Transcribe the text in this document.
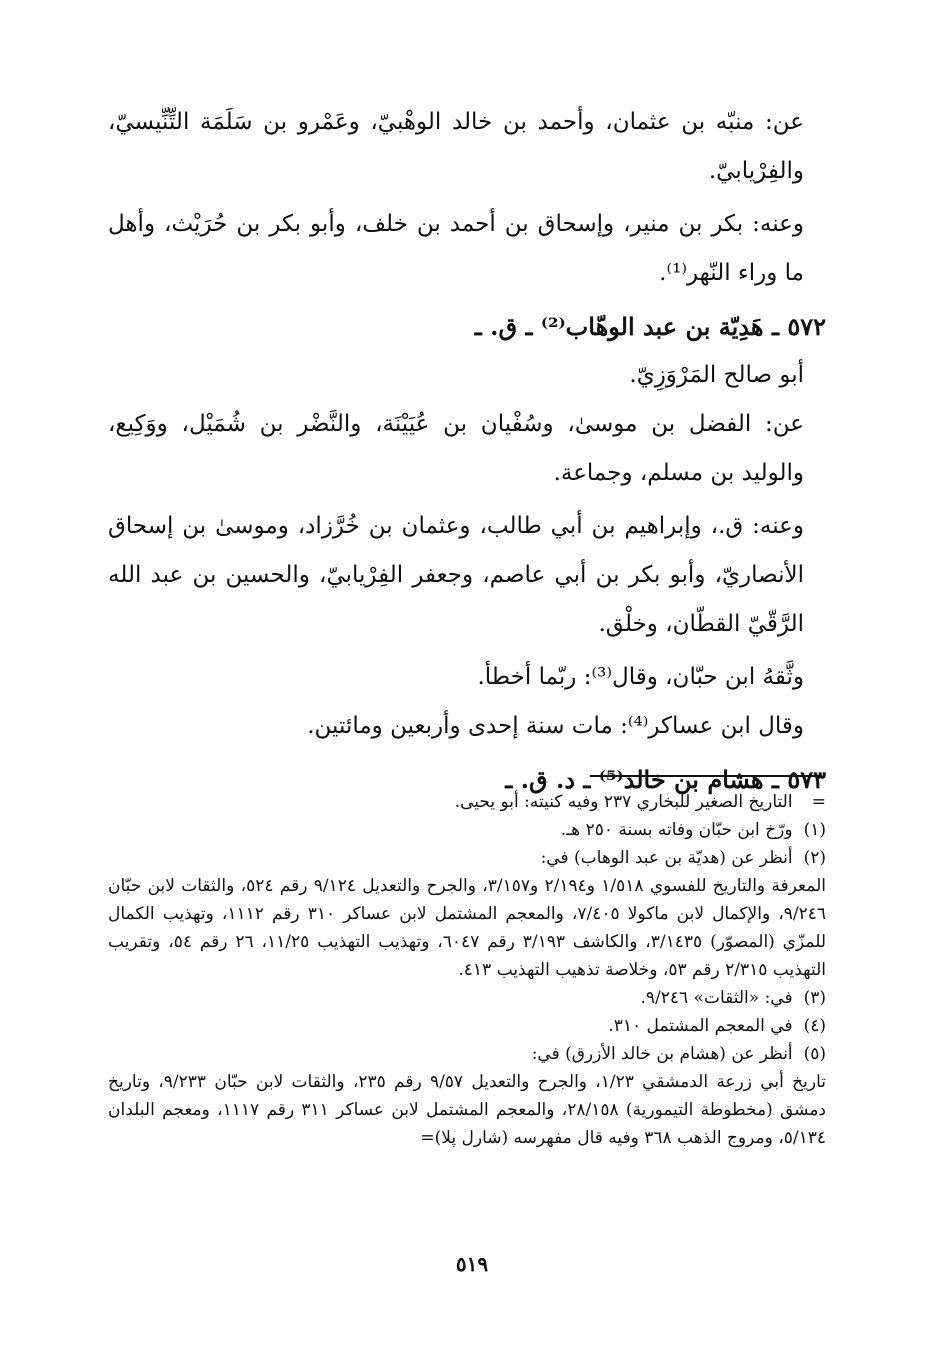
عن: منبّه بن عثمان، وأحمد بن خالد الوهْبيّ، وعَمْرو بن سَلَمَة التِّنِّيسيّ، والفِرْيابيّ.

وعنه: بكر بن منير، وإسحاق بن أحمد بن خلف، وأبو بكر بن حُرَيْث، وأهل ما وراء النّهر⁽¹⁾.

٥٧٢ ـ هَدِيّة بن عبد الوهّاب⁽²⁾ ـ ق. ـ

أبو صالح المَرْوَزِيّ.

عن: الفضل بن موسىٰ، وسُفْيان بن عُيَيْنَة، والنَّضْر بن شُمَيْل، ووَكِيع، والوليد بن مسلم، وجماعة.

وعنه: ق.، وإبراهيم بن أبي طالب، وعثمان بن خُرَّزاد، وموسىٰ بن إسحاق الأنصاريّ، وأبو بكر بن أبي عاصم، وجعفر الفِرْيابيّ، والحسين بن عبد الله الرَّقّيّ القطّان، وخلْق.

وثَّقهُ ابن حبّان، وقال⁽³⁾: ربّما أخطأ.

وقال ابن عساكر⁽⁴⁾: مات سنة إحدى وأربعين ومائتين.

٥٧٣ ـ هشام بن خالد⁽⁵⁾ ـ د. ق. ـ

= التاريخ الصغير للبخاري ٢٣٧ وفيه كنيته: أبو يحيى.

(١) ورّخ ابن حبّان وفاته بسنة ٢٥٠ هـ.

(٢) أنظر عن (هديّة بن عبد الوهاب) في:

المعرفة والتاريخ للفسوي ١/٥١٨ و٢/١٩٤ و٣/١٥٧، والجرح والتعديل ٩/١٢٤ رقم ٥٢٤، والثقات لابن حبّان ٩/٢٤٦، والإكمال لابن ماكولا ٧/٤٠٥، والمعجم المشتمل لابن عساكر ٣١٠ رقم ١١١٢، وتهذيب الكمال للمزّي (المصوّر) ٣/١٤٣٥، والكاشف ٣/١٩٣ رقم ٦٠٤٧، وتهذيب التهذيب ١١/٢٥، ٢٦ رقم ٥٤، وتقريب التهذيب ٢/٣١٥ رقم ٥٣، وخلاصة تذهيب التهذيب ٤١٣.

(٣) في: «الثقات» ٩/٢٤٦.

(٤) في المعجم المشتمل ٣١٠.

(٥) أنظر عن (هشام بن خالد الأزرق) في:

تاريخ أبي زرعة الدمشقي ١/٢٣، والجرح والتعديل ٩/٥٧ رقم ٢٣٥، والثقات لابن حبّان ٩/٢٣٣، وتاريخ دمشق (مخطوطة التيمورية) ٢٨/١٥٨، والمعجم المشتمل لابن عساكر ٣١١ رقم ١١١٧، ومعجم البلدان ٥/١٣٤، ومروج الذهب ٣٦٨ وفيه قال مفهرسه (شارل پلا)=

٥١٩
